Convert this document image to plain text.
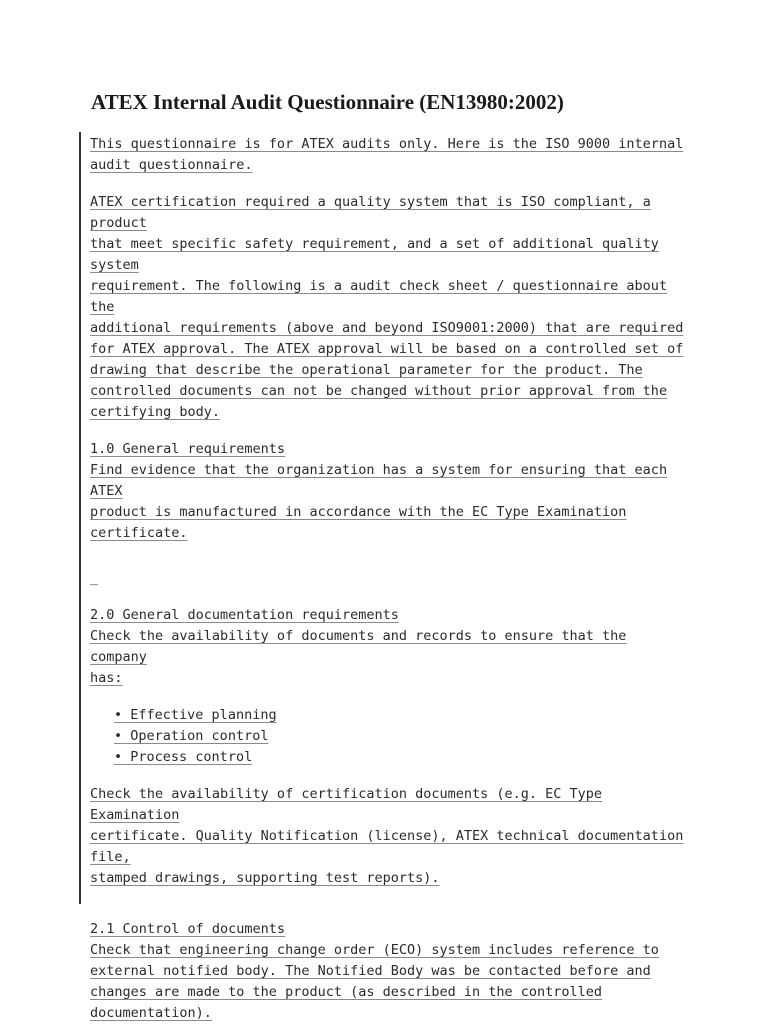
ATEX Internal Audit Questionnaire (EN13980:2002)

This questionnaire is for ATEX audits only. Here is the ISO 9000 internal
audit questionnaire.

ATEX certification required a quality system that is ISO compliant, a product
that meet specific safety requirement, and a set of additional quality system
requirement. The following is a audit check sheet / questionnaire about the
additional requirements (above and beyond ISO9001:2000) that are required
for ATEX approval. The ATEX approval will be based on a controlled set of
drawing that describe the operational parameter for the product. The
controlled documents can not be changed without prior approval from the
certifying body.

1.0 General requirements
Find evidence that the organization has a system for ensuring that each ATEX
product is manufactured in accordance with the EC Type Examination
certificate.

_

2.0 General documentation requirements
Check the availability of documents and records to ensure that the company
has:

• Effective planning
• Operation control
• Process control

Check the availability of certification documents (e.g. EC Type Examination
certificate. Quality Notification (license), ATEX technical documentation file,
stamped drawings, supporting test reports).

2.1 Control of documents
Check that engineering change order (ECO) system includes reference to
external notified body. The Notified Body was be contacted before and
changes are made to the product (as described in the controlled
documentation).
